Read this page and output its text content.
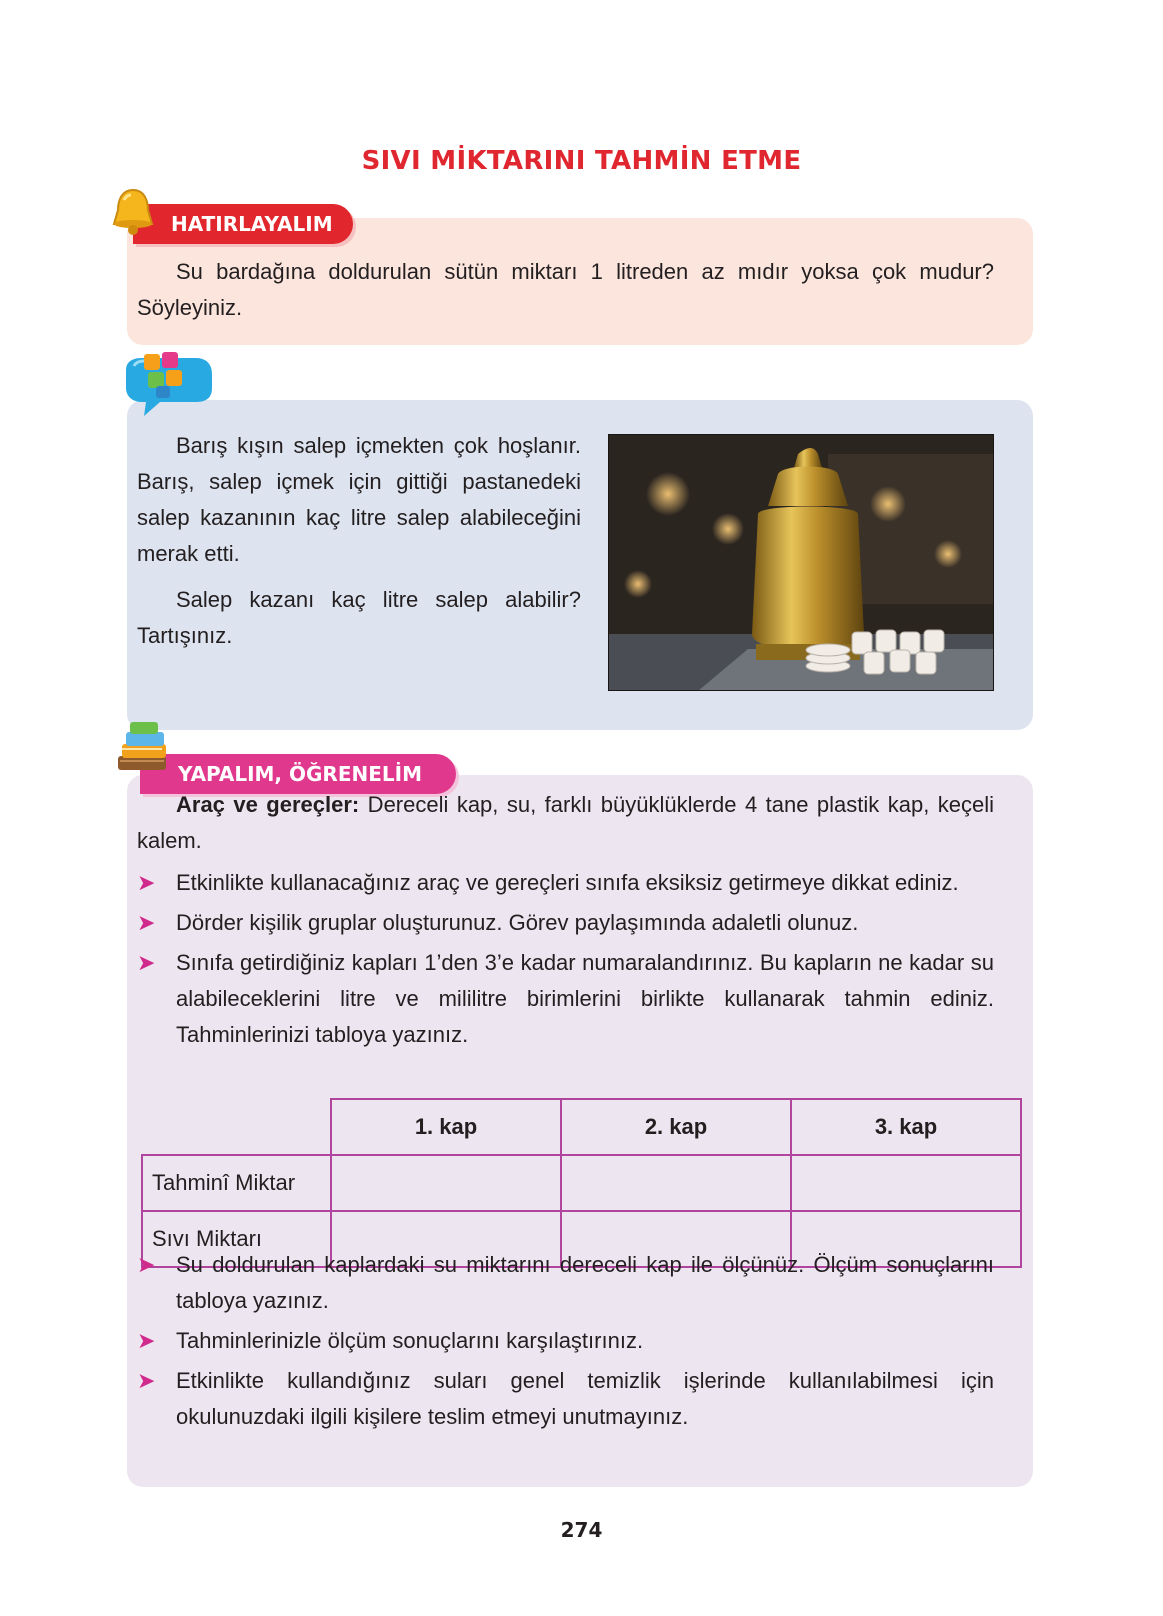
SIVI MİKTARINI TAHMİN ETME
HATIRLAYALIM
Su bardağına doldurulan sütün miktarı 1 litreden az mıdır yoksa çok mudur? Söyleyiniz.
Barış kışın salep içmekten çok hoşlanır. Barış, salep içmek için gittiği pastanedeki salep kazanının kaç litre salep alabileceğini merak etti.
Salep kazanı kaç litre salep alabilir? Tartışınız.
YAPALIM, ÖĞRENELİM
Araç ve gereçler: Dereceli kap, su, farklı büyüklüklerde 4 tane plastik kap, keçeli kalem.
➤ Etkinlikte kullanacağınız araç ve gereçleri sınıfa eksiksiz getirmeye dikkat ediniz.
➤ Dörder kişilik gruplar oluşturunuz. Görev paylaşımında adaletli olunuz.
➤ Sınıfa getirdiğiniz kapları 1’den 3’e kadar numaralandırınız. Bu kapların ne kadar su alabileceklerini litre ve mililitre birimlerini birlikte kullanarak tahmin ediniz. Tahminlerinizi tabloya yazınız.
	1. kap	2. kap	3. kap
Tahminî Miktar			
Sıvı Miktarı			
➤ Su doldurulan kaplardaki su miktarını dereceli kap ile ölçünüz. Ölçüm sonuçlarını tabloya yazınız.
➤ Tahminlerinizle ölçüm sonuçlarını karşılaştırınız.
➤ Etkinlikte kullandığınız suları genel temizlik işlerinde kullanılabilmesi için okulunuzdaki ilgili kişilere teslim etmeyi unutmayınız.
274
